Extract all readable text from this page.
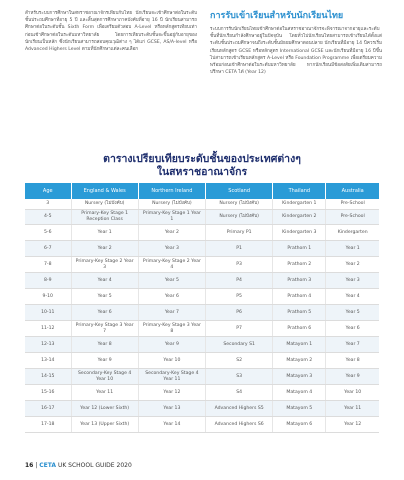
สำหรับระบบการศึกษาในสหราชอาณาจักรเทียบกับไทย นักเรียนจะเข้าศึกษาต่อในระดับชั้นประถมศึกษาที่อายุ 5 ปี และสิ้นสุดการศึกษาภาคบังคับที่อายุ 16 ปี นักเรียนสามารถศึกษาต่อในระดับชั้น Sixth Form เพื่อเตรียมตัวสอบ A-Level หรือหลักสูตรเทียบเท่า ก่อนเข้าศึกษาต่อในระดับมหาวิทยาลัย โดยการเทียบระดับชั้นจะขึ้นอยู่กับอายุของนักเรียนเป็นหลัก ซึ่งนักเรียนสามารถสอบคุณวุฒิต่าง ๆ ได้แก่ GCSE, AS/A-level หรือ Advanced Highers Level ตามที่นักศึกษาแต่ละคนเลือก

การรับเข้าเรียนสำหรับนักเรียนไทย

ระบบการรับนักเรียนไทยเข้าศึกษาต่อในสหราชอาณาจักรจะพิจารณาจากอายุและระดับชั้นที่นักเรียนกำลังศึกษาอยู่ในปัจจุบัน โดยทั่วไปนักเรียนไทยสามารถเข้าเรียนได้ตั้งแต่ระดับชั้นประถมศึกษาจนถึงระดับชั้นมัธยมศึกษาตอนปลาย นักเรียนที่มีอายุ 14 ปีควรเริ่มเรียนหลักสูตร GCSE หรือหลักสูตร International GCSE และนักเรียนที่มีอายุ 16 ปีขึ้นไปสามารถเข้าเรียนหลักสูตร A-Level หรือ Foundation Programme เพื่อเตรียมความพร้อมก่อนเข้าศึกษาต่อในระดับมหาวิทยาลัย หากนักเรียนมีข้อสงสัยเพิ่มเติมสามารถปรึกษา CETA ได้ (Year 12)

ตารางเปรียบเทียบระดับชั้นของประเทศต่างๆ
ในสหราชอาณาจักร
Age	England & Wales	Northern Ireland	Scotland	Thailand	Australia
3	Nursery (ไม่บังคับ)	Nursery (ไม่บังคับ)	Nursery (ไม่บังคับ)	Kindergarten 1	Pre-School
4-5	Primary-Key Stage 1 Reception Class	Primary-Key Stage 1 Year 1	Nursery (ไม่บังคับ)	Kindergarten 2	Pre-School
5-6	Year 1	Year 2	Primary P1	Kindergarten 3	Kindergarten
6-7	Year 2	Year 3	P1	Prathom 1	Year 1
7-8	Primary-Key Stage 2 Year 3	Primary-Key Stage 2 Year 4	P3	Prathom 2	Year 2
8-9	Year 4	Year 5	P4	Prathom 3	Year 3
9-10	Year 5	Year 6	P5	Prathom 4	Year 4
10-11	Year 6	Year 7	P6	Prathom 5	Year 5
11-12	Primary-Key Stage 3 Year 7	Primary-Key Stage 3 Year 8	P7	Prathom 6	Year 6
12-13	Year 8	Year 9	Secondary S1	Matayom 1	Year 7
13-14	Year 9	Year 10	S2	Matayom 2	Year 8
14-15	Secondary-Key Stage 4 Year 10	Secondary-Key Stage 4 Year 11	S3	Matayom 3	Year 9
15-16	Year 11	Year 12	S4	Matayom 4	Year 10
16-17	Year 12 (Lower Sixth)	Year 13	Advanced Highers S5	Matayom 5	Year 11
17-18	Year 13 (Upper Sixth)	Year 14	Advanced Highers S6	Matayom 6	Year 12
16 | CETA UK SCHOOL GUIDE 2020
